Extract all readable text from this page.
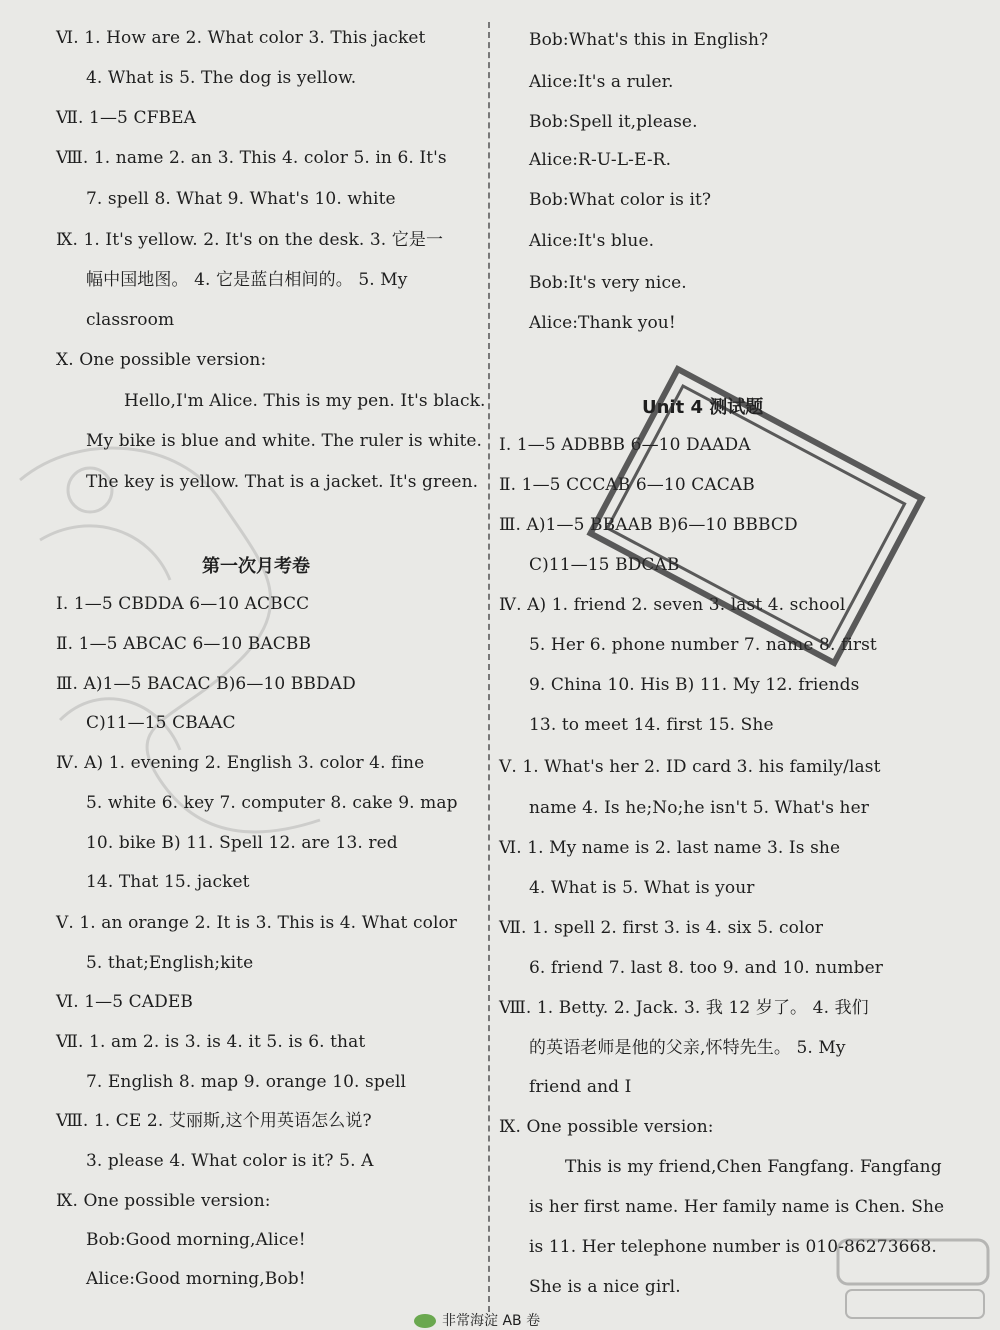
Ⅵ. 1. How are 2. What color 3. This jacket
4. What is 5. The dog is yellow.
Ⅶ. 1—5 CFBEA
Ⅷ. 1. name 2. an 3. This 4. color 5. in 6. It's
7. spell 8. What 9. What's 10. white
Ⅸ. 1. It's yellow. 2. It's on the desk. 3. 它是一
幅中国地图。 4. 它是蓝白相间的。 5. My
classroom
Ⅹ. One possible version:
Hello,I'm Alice. This is my pen. It's black.
My bike is blue and white. The ruler is white.
The key is yellow. That is a jacket. It's green.
第一次月考卷
Ⅰ. 1—5 CBDDA 6—10 ACBCC
Ⅱ. 1—5 ABCAC 6—10 BACBB
Ⅲ. A)1—5 BACAC B)6—10 BBDAD
C)11—15 CBAAC
Ⅳ. A) 1. evening 2. English 3. color 4. fine
5. white 6. key 7. computer 8. cake 9. map
10. bike B) 11. Spell 12. are 13. red
14. That 15. jacket
Ⅴ. 1. an orange 2. It is 3. This is 4. What color
5. that;English;kite
Ⅵ. 1—5 CADEB
Ⅶ. 1. am 2. is 3. is 4. it 5. is 6. that
7. English 8. map 9. orange 10. spell
Ⅷ. 1. CE 2. 艾丽斯,这个用英语怎么说?
3. please 4. What color is it? 5. A
Ⅸ. One possible version:
Bob:Good morning,Alice!
Alice:Good morning,Bob!
Bob:What's this in English?
Alice:It's a ruler.
Bob:Spell it,please.
Alice:R-U-L-E-R.
Bob:What color is it?
Alice:It's blue.
Bob:It's very nice.
Alice:Thank you!
Unit 4 测试题
Ⅰ. 1—5 ADBBB 6—10 DAADA
Ⅱ. 1—5 CCCAB 6—10 CACAB
Ⅲ. A)1—5 BBAAB B)6—10 BBBCD
C)11—15 BDCAB
Ⅳ. A) 1. friend 2. seven 3. last 4. school
5. Her 6. phone number 7. name 8. first
9. China 10. His B) 11. My 12. friends
13. to meet 14. first 15. She
Ⅴ. 1. What's her 2. ID card 3. his family/last
name 4. Is he;No;he isn't 5. What's her
Ⅵ. 1. My name is 2. last name 3. Is she
4. What is 5. What is your
Ⅶ. 1. spell 2. first 3. is 4. six 5. color
6. friend 7. last 8. too 9. and 10. number
Ⅷ. 1. Betty. 2. Jack. 3. 我 12 岁了。 4. 我们
的英语老师是他的父亲,怀特先生。 5. My
friend and I
Ⅸ. One possible version:
This is my friend,Chen Fangfang. Fangfang
is her first name. Her family name is Chen. She
is 11. Her telephone number is 010-86273668.
She is a nice girl.
非常海淀 AB 卷
